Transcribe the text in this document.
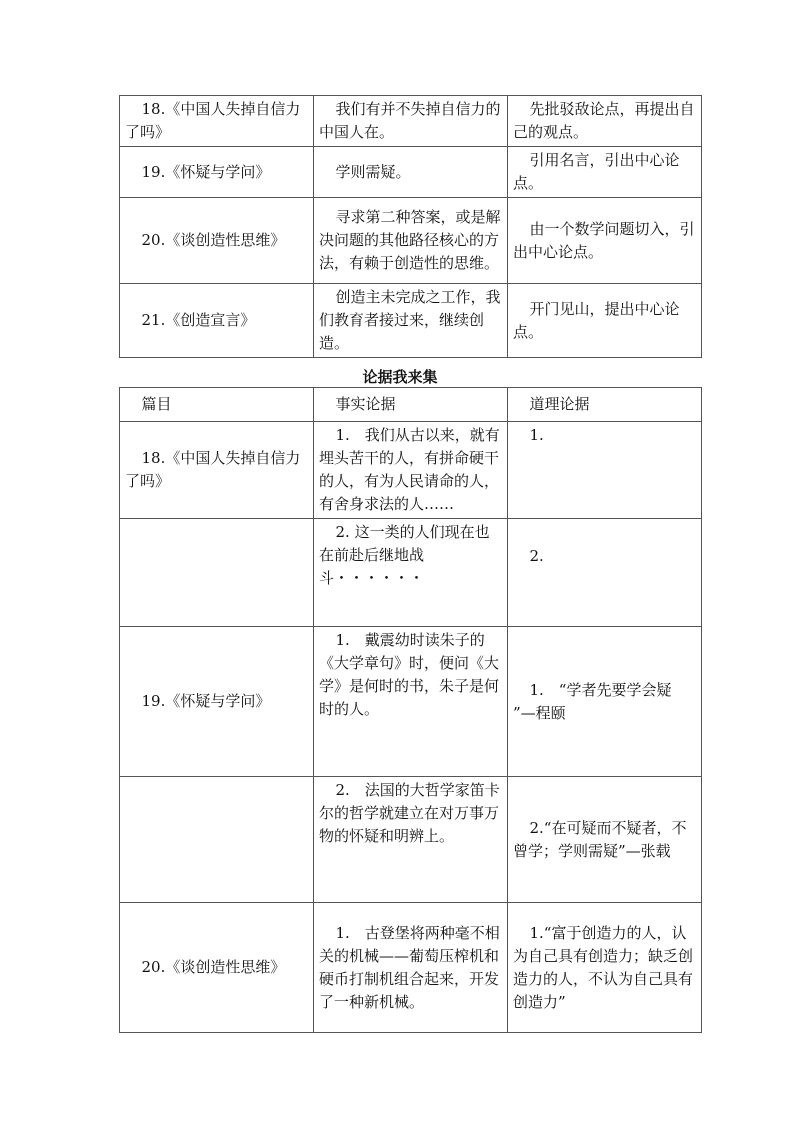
18.《中国人失掉自信力了吗》	我们有并不失掉自信力的中国人在。	先批驳敌论点，再提出自己的观点。
19.《怀疑与学问》	学则需疑。	引用名言，引出中心论点。
20.《谈创造性思维》	寻求第二种答案，或是解决问题的其他路径核心的方法，有赖于创造性的思维。	由一个数学问题切入，引出中心论点。
21.《创造宣言》	创造主未完成之工作，我们教育者接过来，继续创造。	开门见山，提出中心论点。
论据我来集
篇目	事实论据	道理论据
18.《中国人失掉自信力了吗》	1.　我们从古以来，就有埋头苦干的人，有拼命硬干的人，有为人民请命的人，有舍身求法的人……	1.
	2. 这一类的人们现在也在前赴后继地战斗・・・・・・	2.
19.《怀疑与学问》	1.　戴震幼时读朱子的《大学章句》时，便问《大学》是何时的书，朱子是何时的人。	1.　“学者先要学会疑 ”—程颐
	2.　法国的大哲学家笛卡尔的哲学就建立在对万事万物的怀疑和明辨上。	2.“在可疑而不疑者，不曾学；学则需疑”—张载
20.《谈创造性思维》	1.　古登堡将两种毫不相关的机械——葡萄压榨机和硬币打制机组合起来，开发了一种新机械。	1.“富于创造力的人，认为自己具有创造力；缺乏创造力的人，不认为自己具有创造力”
